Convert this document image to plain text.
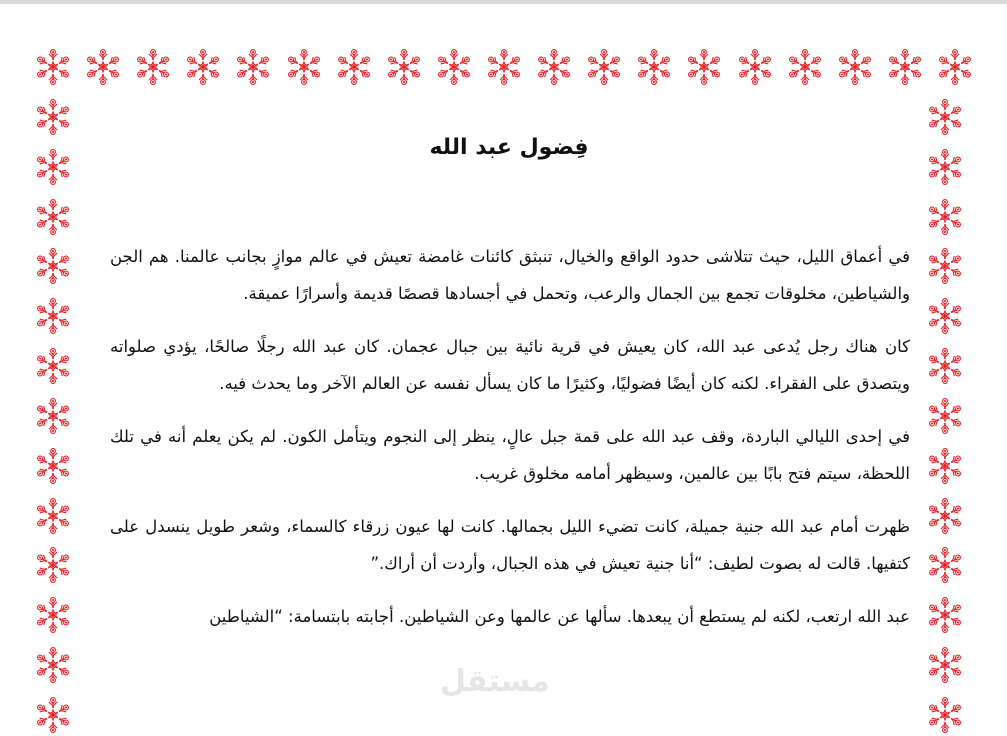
فِضول عبد الله

في أعماق الليل، حيث تتلاشى حدود الواقع والخيال، تنبثق كائنات غامضة تعيش في عالم موازٍ بجانب عالمنا. هم الجن والشياطين، مخلوقات تجمع بين الجمال والرعب، وتحمل في أجسادها قصصًا قديمة وأسرارًا عميقة.

كان هناك رجل يُدعى عبد الله، كان يعيش في قرية نائية بين جبال عجمان. كان عبد الله رجلًا صالحًا، يؤدي صلواته ويتصدق على الفقراء. لكنه كان أيضًا فضوليًا، وكثيرًا ما كان يسأل نفسه عن العالم الآخر وما يحدث فيه.

في إحدى الليالي الباردة، وقف عبد الله على قمة جبل عالٍ، ينظر إلى النجوم ويتأمل الكون. لم يكن يعلم أنه في تلك اللحظة، سيتم فتح بابًا بين عالمين، وسيظهر أمامه مخلوق غريب.

ظهرت أمام عبد الله جنية جميلة، كانت تضيء الليل بجمالها. كانت لها عيون زرقاء كالسماء، وشعر طويل ينسدل على كتفيها. قالت له بصوت لطيف: “أنا جنية تعيش في هذه الجبال، وأردت أن أراك.”

عبد الله ارتعب، لكنه لم يستطع أن يبعدها. سألها عن عالمها وعن الشياطين. أجابته بابتسامة: “الشياطين

مستقل
